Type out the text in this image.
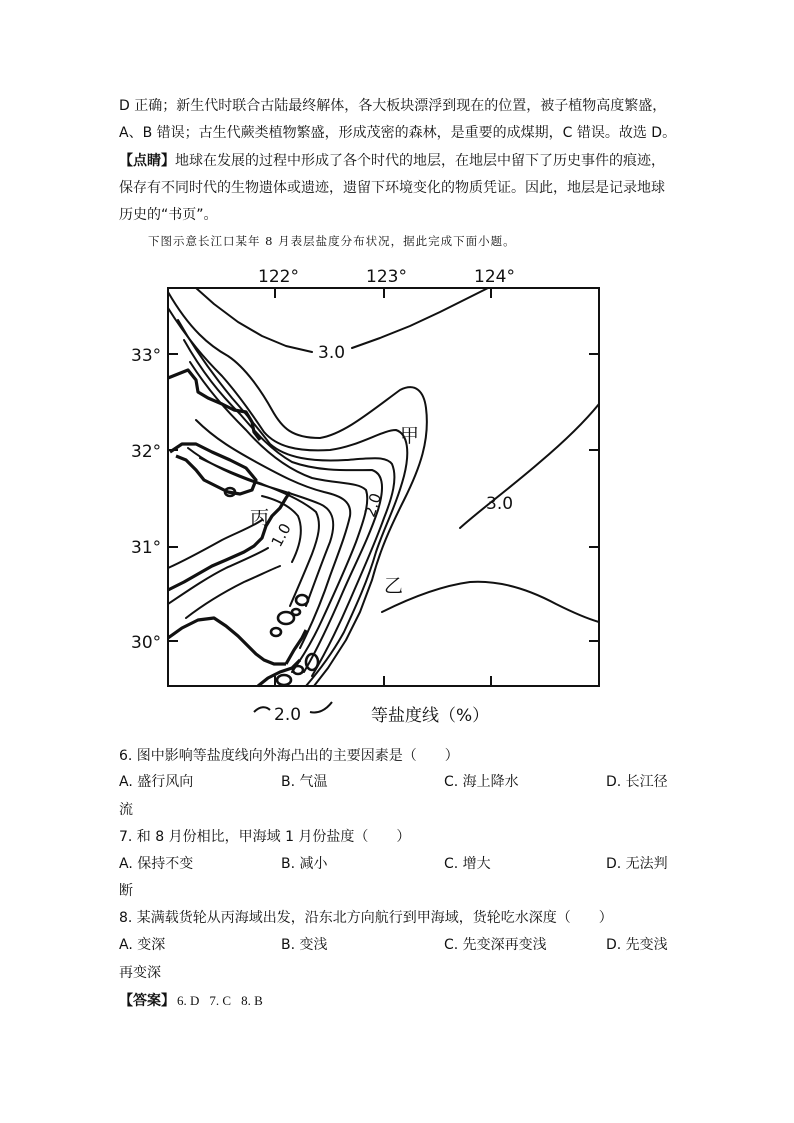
D 正确；新生代时联合古陆最终解体，各大板块漂浮到现在的位置，被子植物高度繁盛，
A、B 错误；古生代蕨类植物繁盛，形成茂密的森林，是重要的成煤期，C 错误。故选 D。
【点睛】地球在发展的过程中形成了各个时代的地层，在地层中留下了历史事件的痕迹，
保存有不同时代的生物遗体或遗迹，遗留下环境变化的物质凭证。因此，地层是记录地球
历史的“书页”。
下图示意长江口某年 8 月表层盐度分布状况，据此完成下面小题。
122°	123°	124°
33°
32°
31°
30°
3.0
3.0
2.0
1.0
甲
乙
丙
2.0	等盐度线（%）
6. 图中影响等盐度线向外海凸出的主要因素是（　　）
A. 盛行风向	B. 气温	C. 海上降水	D. 长江径
流
7. 和 8 月份相比，甲海域 1 月份盐度（　　）
A. 保持不变	B. 减小	C. 增大	D. 无法判
断
8. 某满载货轮从丙海域出发，沿东北方向航行到甲海域，货轮吃水深度（　　）
A. 变深	B. 变浅	C. 先变深再变浅	D. 先变浅
再变深
【答案】 6. D 7. C 8. B
